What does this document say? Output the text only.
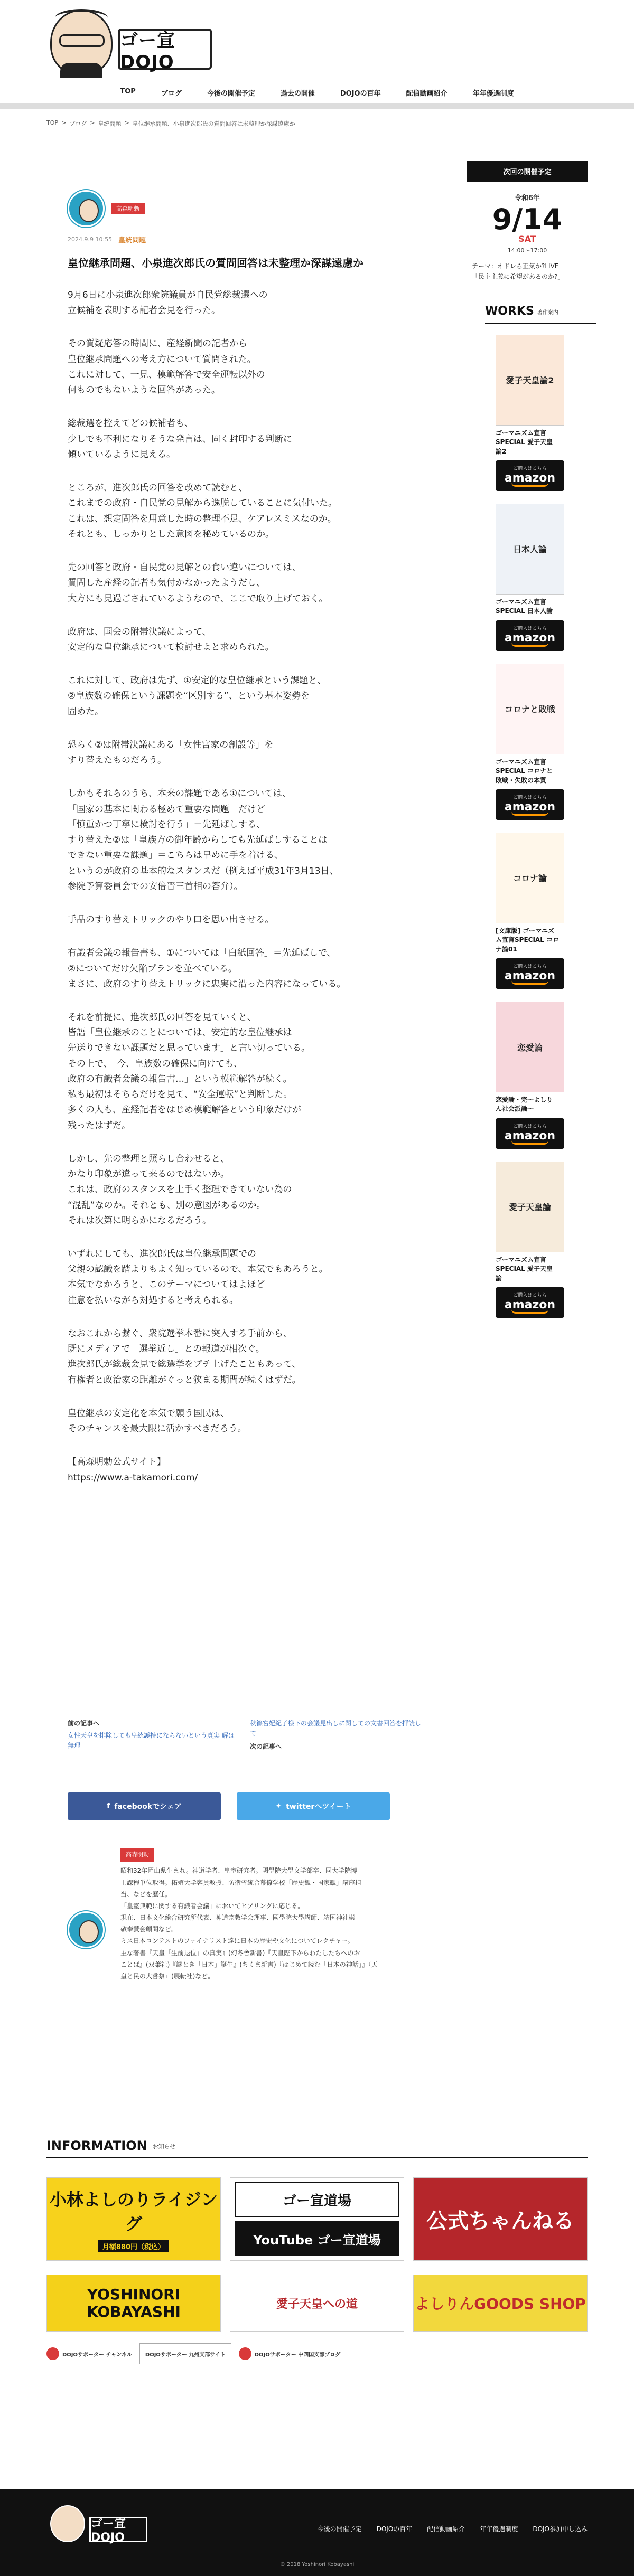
ゴー宣DOJO
TOP	ブログ	今後の開催予定	過去の開催	DOJOの百年	配信動画紹介	年年優遇制度
TOP > ブログ > 皇統問題 > 皇位継承問題、小泉進次郎氏の質問回答は未整理か深謀遠慮か
高森明勅
2024.9.9 10:55 皇統問題
皇位継承問題、小泉進次郎氏の質問回答は未整理か深謀遠慮か

9月6日に小泉進次郎衆院議員が自民党総裁選への
立候補を表明する記者会見を行った。

その質疑応答の時間に、産経新聞の記者から
皇位継承問題への考え方について質問された。
これに対して、一見、模範解答で安全運転以外の
何ものでもないような回答があった。

総裁選を控えてどの候補者も、
少しでも不利になりそうな発言は、固く封印する判断に
傾いているように見える。

ところが、進次郎氏の回答を改めて読むと、
これまでの政府・自民党の見解から逸脱していることに気付いた。
これは、想定問答を用意した時の整理不足、ケアレスミスなのか。
それとも、しっかりとした意図を秘めているのか。

先の回答と政府・自民党の見解との食い違いについては、
質問した産経の記者も気付かなかったようだし、
大方にも見過ごされているようなので、ここで取り上げておく。

政府は、国会の附帯決議によって、
安定的な皇位継承について検討せよと求められた。

これに対して、政府は先ず、①安定的な皇位継承という課題と、
②皇族数の確保という課題を“区別する”、という基本姿勢を
固めた。

恐らく②は附帯決議にある「女性宮家の創設等」を
すり替えたものだろう。

しかもそれらのうち、本来の課題である①については、
「国家の基本に関わる極めて重要な問題」だけど
「慎重かつ丁寧に検討を行う」＝先延ばしする、
すり替えた②は「皇族方の御年齢からしても先延ばしすることは
できない重要な課題」＝こちらは早めに手を着ける、
というのが政府の基本的なスタンスだ（例えば平成31年3月13日、
参院予算委員会での安倍晋三首相の答弁）。

手品のすり替えトリックのやり口を思い出させる。

有識者会議の報告書も、①については「白紙回答」＝先延ばしで、
②についてだけ欠陥プランを並べている。
まさに、政府のすり替えトリックに忠実に沿った内容になっている。

それを前提に、進次郎氏の回答を見ていくと、
皆語「皇位継承のことについては、安定的な皇位継承は
先送りできない課題だと思っています」と言い切っている。
その上で、「今、皇族数の確保に向けても、
政府の有識者会議の報告書…」という模範解答が続く。
私も最初はそちらだけを見て、“安全運転”と判断した。
多くの人も、産経記者をはじめ模範解答という印象だけが
残ったはずだ。

しかし、先の整理と照らし合わせると、
かなり印象が違って来るのではないか。
これは、政府のスタンスを上手く整理できていない為の
“混乱”なのか。それとも、別の意図があるのか。
それは次第に明らかになるだろう。

いずれにしても、進次郎氏は皇位継承問題での
父親の認識を踏よりもよく知っているので、本気でもあろうと。
本気でなかろうと、このテーマについてはよほど
注意を払いながら対処すると考えられる。

なおこれから繋ぐ、衆院選挙本番に突入する手前から、
既にメディアで「選挙近し」との報道が相次ぐ。
進次郎氏が総裁会見で総選挙をブチ上げたこともあって、
有権者と政治家の距離がぐっと狭まる期間が続くはずだ。

皇位継承の安定化を本気で願う国民は、
そのチャンスを最大限に活かすべきだろう。

【高森明勅公式サイト】
https://www.a-takamori.com/

前の記事へ
女性天皇を排除しても皇統護持にならないという真実 解は無理
秋篠宮妃紀子様下の会議見出しに関しての文書回答を拝読して
次の記事へ
f facebookでシェア	✦ twitterへツイート
高森明勅
昭和32年岡山県生まれ。神道学者、皇室研究者。國學院大學文学部卒、同大学院博
士課程単位取得。拓殖大学客員教授、防衛省統合幕僚学校「歴史観・国家観」講座担
当、などを歴任。
「皇室典範に関する有識者会議」においてヒアリングに応じる。
現在、日本文化総合研究所代表、神道宗教学会理事、國學院大學講師、靖国神社崇
敬奉賛会顧問など。
ミス日本コンテストのファイナリスト達に日本の歴史や文化についてレクチャー。
主な著書『天皇「生前退位」の真実』(幻冬舎新書)『天皇陛下からわたしたちへのお
ことば』(双葉社)『謎とき「日本」誕生』(ちくま新書)『はじめて読む「日本の神話」』『天
皇と民の大嘗祭』(展転社)など。
次回の開催予定
令和6年
9/14
SAT
14:00〜17:00
テーマ：オドレら正気か?LIVE
「民主主義に希望があるのか?」
WORKS 著作案内
愛子天皇論2
ゴーマニズム宣言
SPECIAL 愛子天皇
論2
ご購入はこちら
amazon
日本人論
ゴーマニズム宣言
SPECIAL 日本人論
ご購入はこちら
amazon
コロナと敗戦
ゴーマニズム宣言
SPECIAL コロナと
敗戦・失敗の本質
ご購入はこちら
amazon
コロナ論
[文庫版] ゴーマニズ
ム宣言SPECIAL コロ
ナ論01
ご購入はこちら
amazon
恋愛論
恋愛論・完～よしり
ん社会派論～
ご購入はこちら
amazon
愛子天皇論
ゴーマニズム宣言
SPECIAL 愛子天皇
論
ご購入はこちら
amazon
INFORMATION お知らせ
小林よしのりライジング
月額880円（税込）
ゴー宣道場
YouTube ゴー宣道場
公式ちゃんねる
YOSHINORI KOBAYASHI	愛子天皇への道	よしりんGOODS SHOP
DOJOサポーター チャンネル	DOJOサポーター 九州支部サイト	DOJOサポーター 中四国支部ブログ
ゴー宣DOJO
今後の開催予定 DOJOの百年 配信動画紹介 年年優遇制度 DOJO参加申し込み
© 2018 Yoshinori Kobayashi
